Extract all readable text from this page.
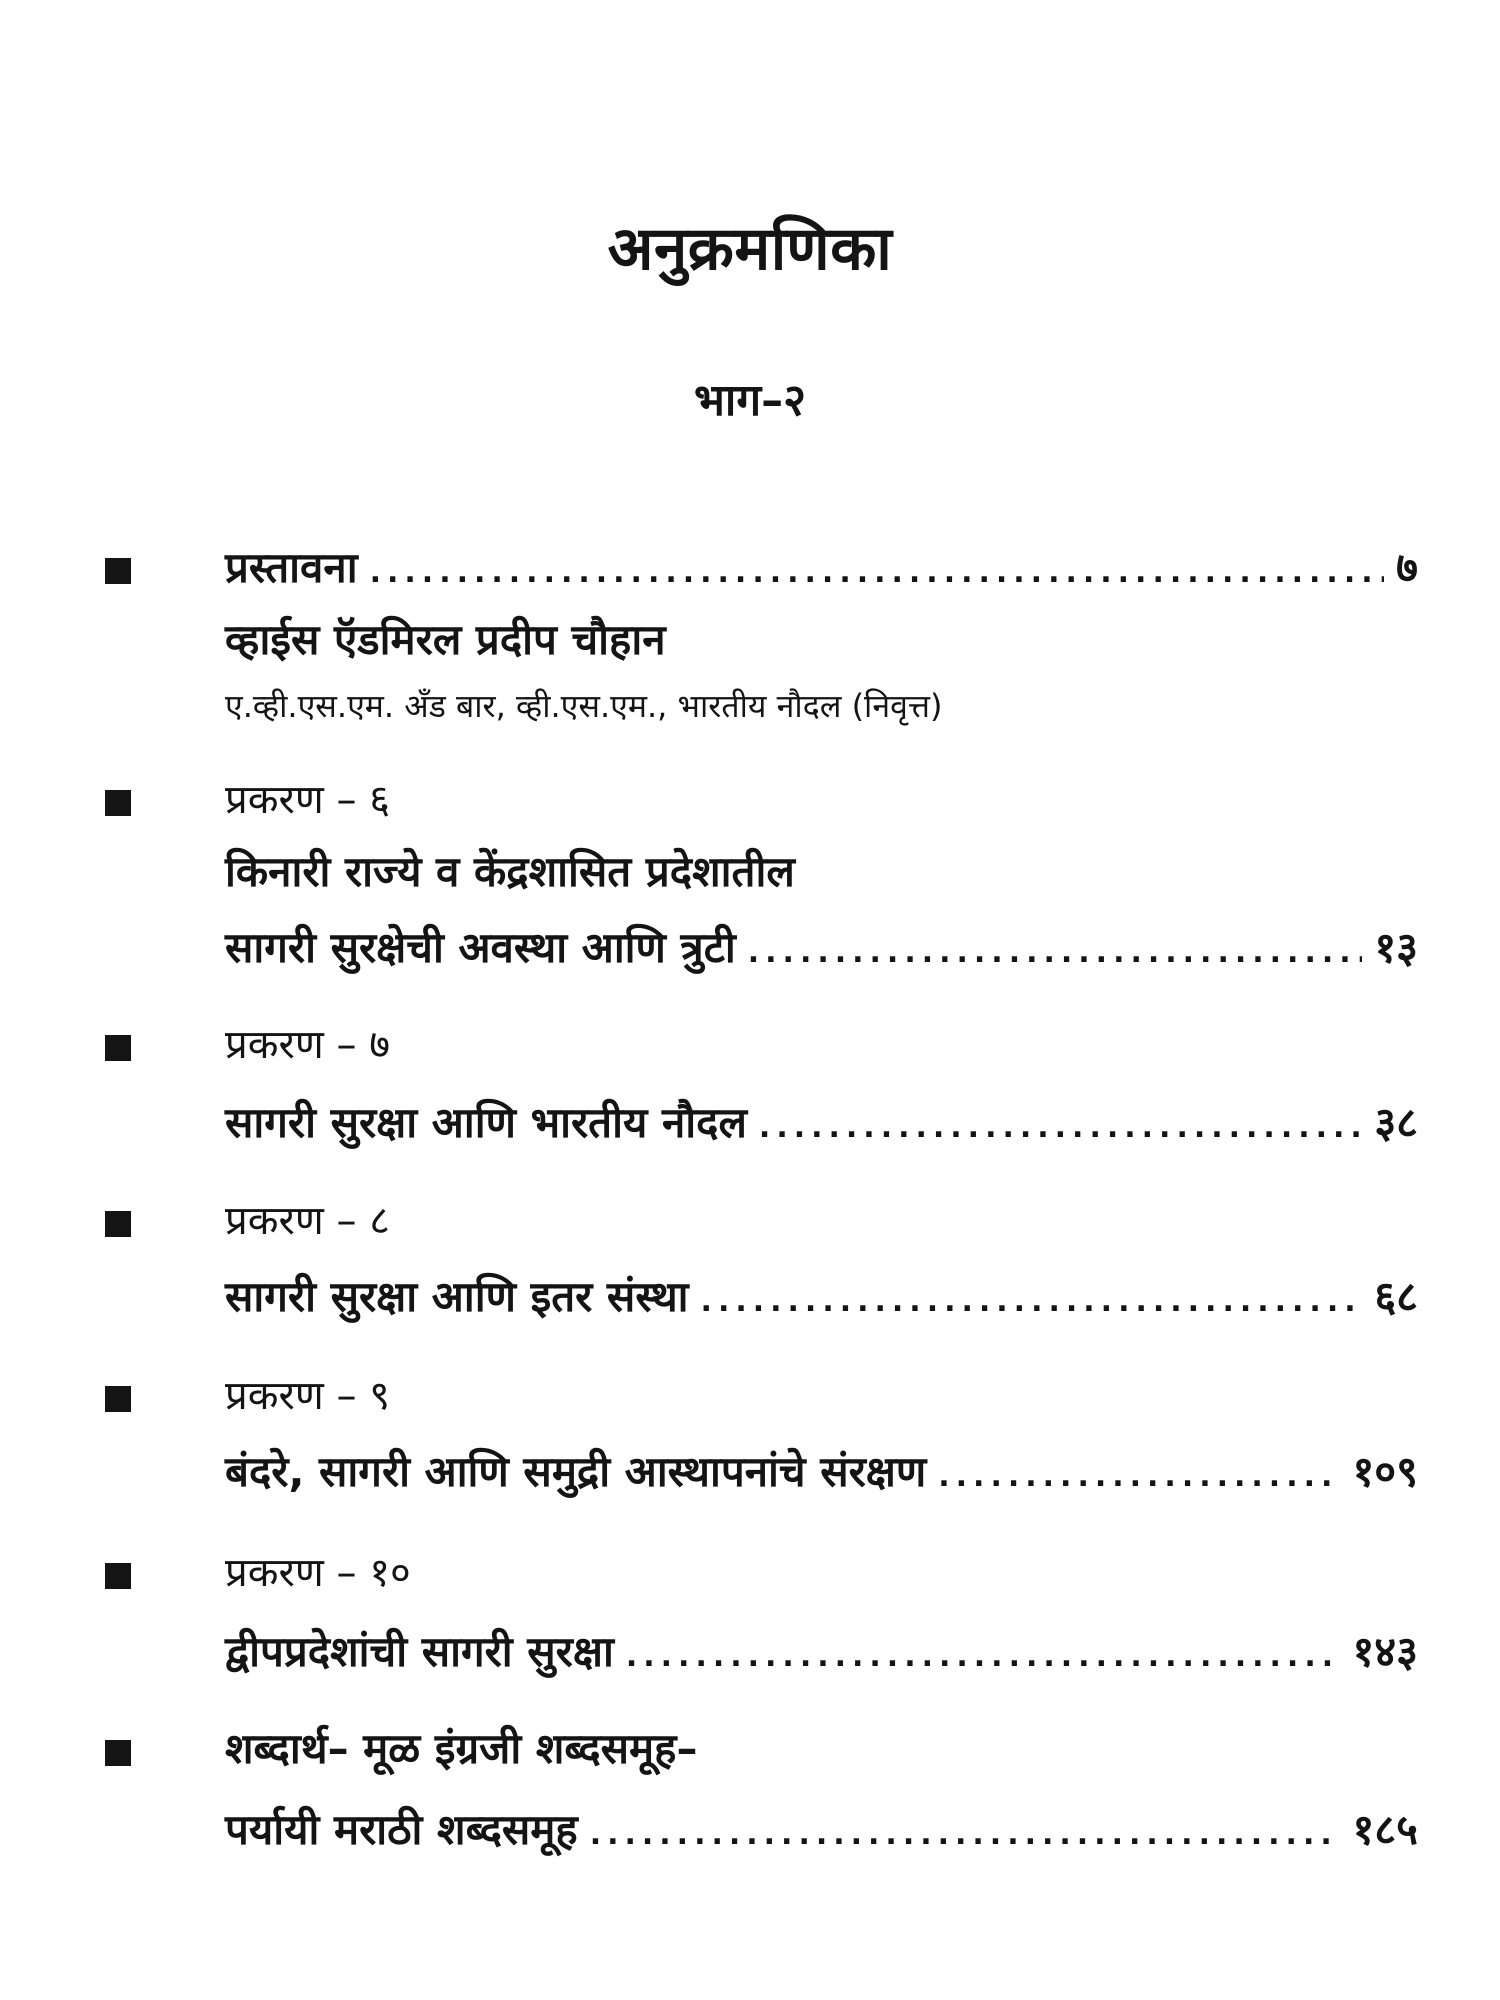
अनुक्रमणिका
भाग–२
प्रस्तावना .....	७
व्हाईस ऍडमिरल प्रदीप चौहान
ए.व्ही.एस.एम. अँड बार, व्ही.एस.एम., भारतीय नौदल (निवृत्त)
प्रकरण – ६
किनारी राज्ये व केंद्रशासित प्रदेशातील
सागरी सुरक्षेची अवस्था आणि त्रुटी .....	१३
प्रकरण – ७
सागरी सुरक्षा आणि भारतीय नौदल .....	३८
प्रकरण – ८
सागरी सुरक्षा आणि इतर संस्था .....	६८
प्रकरण – ९
बंदरे, सागरी आणि समुद्री आस्थापनांचे संरक्षण .....	१०९
प्रकरण – १०
द्वीपप्रदेशांची सागरी सुरक्षा .....	१४३
शब्दार्थ– मूळ इंग्रजी शब्दसमूह–
पर्यायी मराठी शब्दसमूह .....	१८५
